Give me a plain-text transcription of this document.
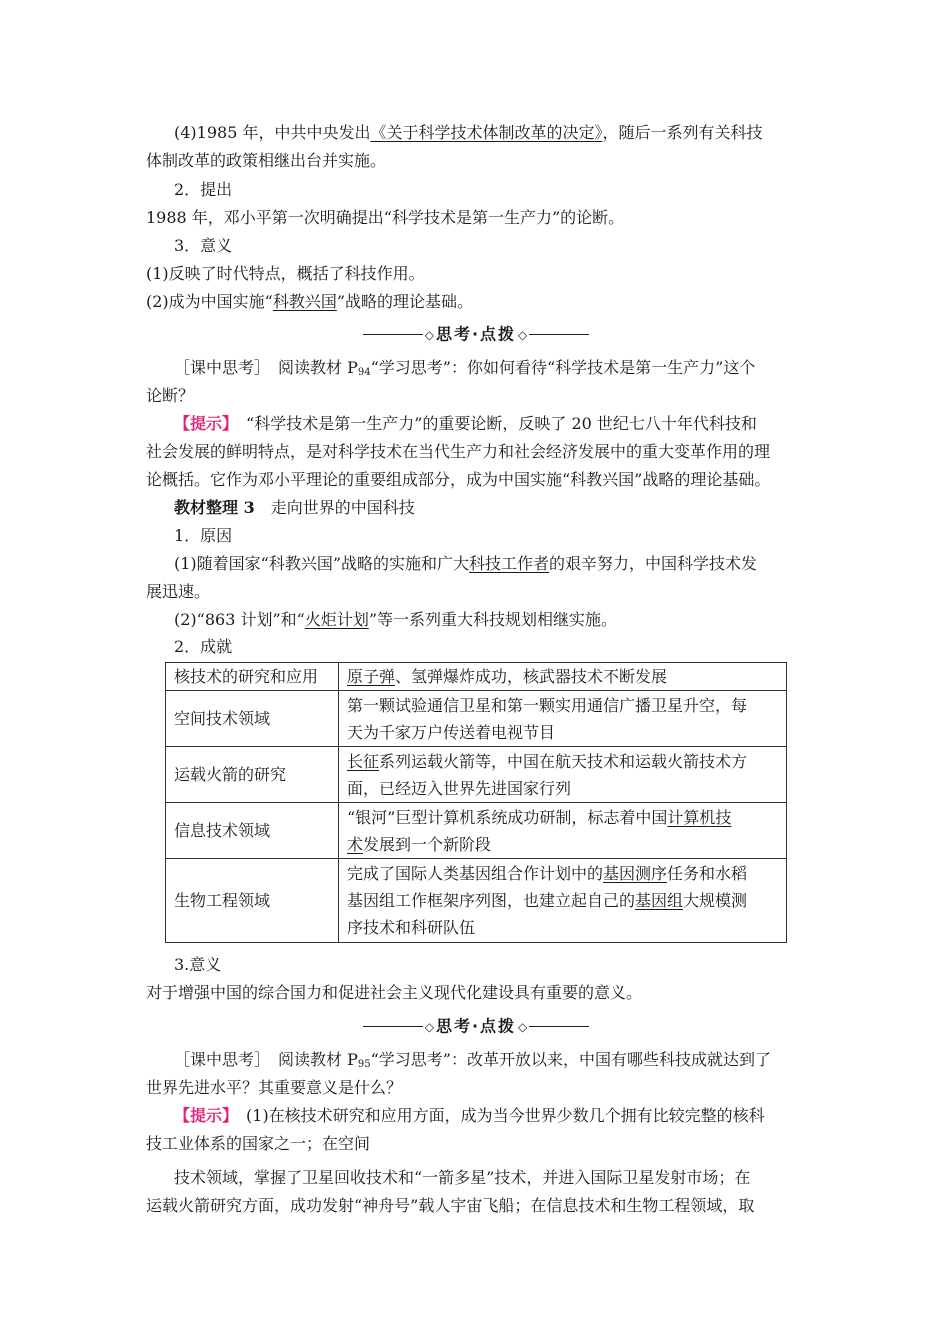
(4)1985 年，中共中央发出《关于科学技术体制改革的决定》，随后一系列有关科技
体制改革的政策相继出台并实施。
2．提出
1988 年，邓小平第一次明确提出“科学技术是第一生产力”的论断。
3．意义
(1)反映了时代特点，概括了科技作用。
(2)成为中国实施“科教兴国”战略的理论基础。
◇ 思考·点拨 ◇
［课中思考］　阅读教材 $P_{94}“$学习思考”：你如何看待“科学技术是第一生产力”这个
论断？
【提示】　“科学技术是第一生产力”的重要论断，反映了 20 世纪七八十年代科技和
社会发展的鲜明特点，是对科学技术在当代生产力和社会经济发展中的重大变革作用的理
论概括。它作为邓小平理论的重要组成部分，成为中国实施“科教兴国”战略的理论基础。
教材整理 3　走向世界的中国科技
1．原因
(1)随着国家“科教兴国”战略的实施和广大科技工作者的艰辛努力，中国科学技术发
展迅速。
(2)“863 计划”和“火炬计划”等一系列重大科技规划相继实施。
2．成就
核技术的研究和应用	原子弹、氢弹爆炸成功，核武器技术不断发展

空间技术领域	第一颗试验通信卫星和第一颗实用通信广播卫星升空，每
天为千家万户传送着电视节目

运载火箭的研究	长征系列运载火箭等，中国在航天技术和运载火箭技术方
面，已经迈入世界先进国家行列

信息技术领域	“银河”巨型计算机系统成功研制，标志着中国计算机技
术发展到一个新阶段

生物工程领域	完成了国际人类基因组合作计划中的基因测序任务和水稻
基因组工作框架序列图，也建立起自己的基因组大规模测
序技术和科研队伍
3.意义
对于增强中国的综合国力和促进社会主义现代化建设具有重要的意义。
◇ 思考·点拨 ◇
［课中思考］　阅读教材 $P_{95}“$学习思考”：改革开放以来，中国有哪些科技成就达到了
世界先进水平？其重要意义是什么？
【提示】　(1)在核技术研究和应用方面，成为当今世界少数几个拥有比较完整的核科
技工业体系的国家之一；在空间
技术领域，掌握了卫星回收技术和“一箭多星”技术，并进入国际卫星发射市场；在
运载火箭研究方面，成功发射“神舟号”载人宇宙飞船；在信息技术和生物工程领域，取
